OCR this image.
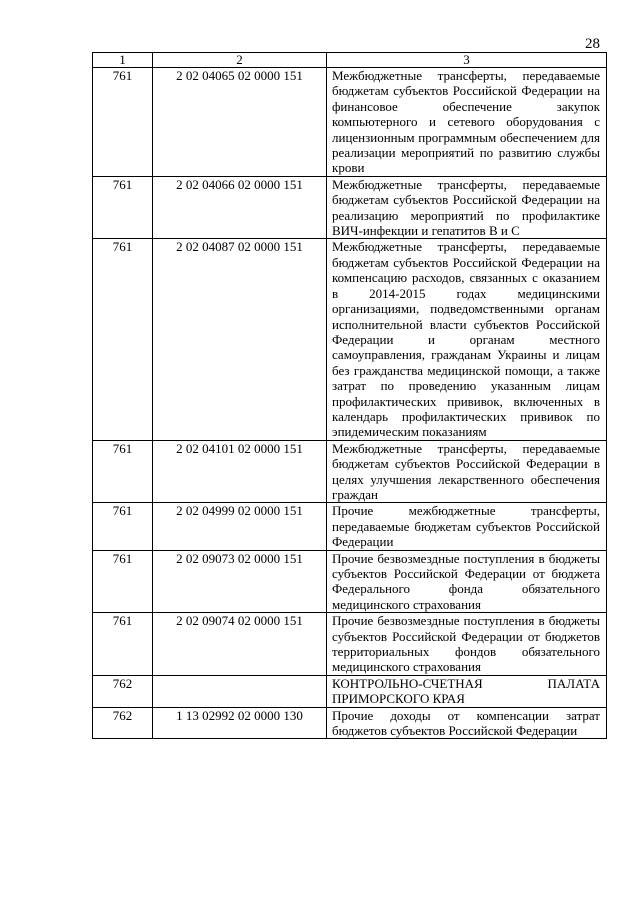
28
1	2	3
761	2 02 04065 02 0000 151	Межбюджетные трансферты, передаваемые бюджетам субъектов Российской Федерации на финансовое обеспечение закупок компьютерного и сетевого оборудования с лицензионным программным обеспечением для реализации мероприятий по развитию службы крови
761	2 02 04066 02 0000 151	Межбюджетные трансферты, передаваемые бюджетам субъектов Российской Федерации на реализацию мероприятий по профилактике ВИЧ-инфекции и гепатитов В и С
761	2 02 04087 02 0000 151	Межбюджетные трансферты, передаваемые бюджетам субъектов Российской Федерации на компенсацию расходов, связанных с оказанием в 2014-2015 годах медицинскими организациями, подведомственными органам исполнительной власти субъектов Российской Федерации и органам местного самоуправления, гражданам Украины и лицам без гражданства медицинской помощи, а также затрат по проведению указанным лицам профилактических прививок, включенных в календарь профилактических прививок по эпидемическим показаниям
761	2 02 04101 02 0000 151	Межбюджетные трансферты, передаваемые бюджетам субъектов Российской Федерации в целях улучшения лекарственного обеспечения граждан
761	2 02 04999 02 0000 151	Прочие межбюджетные трансферты, передаваемые бюджетам субъектов Российской Федерации
761	2 02 09073 02 0000 151	Прочие безвозмездные поступления в бюджеты субъектов Российской Федерации от бюджета Федерального фонда обязательного медицинского страхования
761	2 02 09074 02 0000 151	Прочие безвозмездные поступления в бюджеты субъектов Российской Федерации от бюджетов территориальных фондов обязательного медицинского страхования
762		КОНТРОЛЬНО-СЧЕТНАЯ ПАЛАТА ПРИМОРСКОГО КРАЯ
762	1 13 02992 02 0000 130	Прочие доходы от компенсации затрат бюджетов субъектов Российской Федерации
